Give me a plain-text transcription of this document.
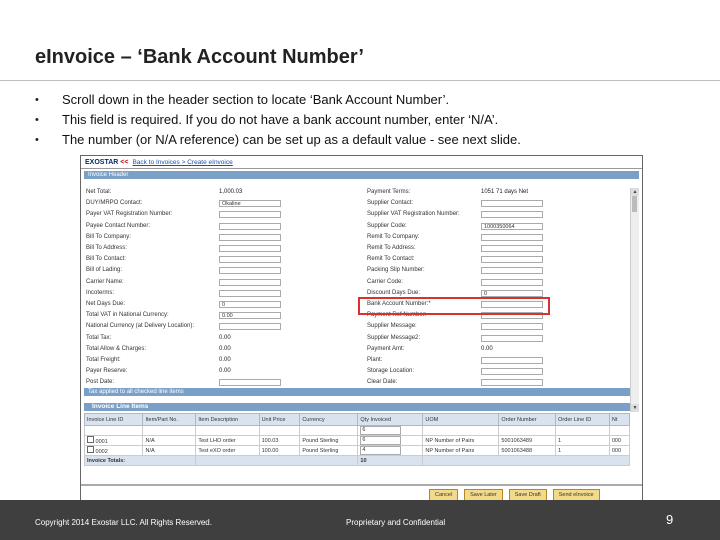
eInvoice – ‘Bank Account Number’
• Scroll down in the header section to locate ‘Bank Account Number’.
• This field is required. If you do not have a bank account number, enter ‘N/A’.
• The number (or N/A reference) can be set up as a default value - see next slide.
EXOSTAR << Back to Invoices > Create eInvoice
Invoice Header
Net Total:	1,000.03
DUY/MRPO Contact:	Okaline
Payer VAT Registration Number:
Payee Contact Number:
Bill To Company:
Bill To Address:
Bill To Contact:
Bill of Lading:
Carrier Name:
Incoterms:
Net Days Due:	0
Total VAT in National Currency:	0.00
National Currency (at Delivery Location):
Total Tax:	0.00
Total Allow & Charges:	0.00
Total Freight:	0.00
Payer Reserve:	0.00
Post Date:
Payment Terms:	1051 71 days Net
Supplier Contact:
Supplier VAT Registration Number:
Supplier Code:	1000350064
Remit To Company:
Remit To Address:
Remit To Contact:
Packing Slip Number:
Carrier Code:
Discount Days Due:	0
Bank Account Number:*
Payment Ref Number:
Supplier Message:
Supplier Message2:
Payment Amt:	0.00
Plant:
Storage Location:
Clear Date:
▲
▼
Tax applied to all checked line items
Invoice Line Items
Invoice Line ID	Item/Part No.	Item Description	Unit Price	Currency	Qty Invoiced	UOM	Order Number	Order Line ID	Nt
					6				
0001	N/A	Test LHO order	100.03	Pound Sterling	6	NP Number of Pairs	5001063489	1	000
0002	N/A	Test eXO order	100.00	Pound Sterling	4	NP Number of Pairs	5001063488	1	000
Invoice Totals:					10				
Cancel	Save Later	Save Draft	Send eInvoice
Copyright 2014 Exostar LLC. All Rights Reserved.	Proprietary and Confidential	9
